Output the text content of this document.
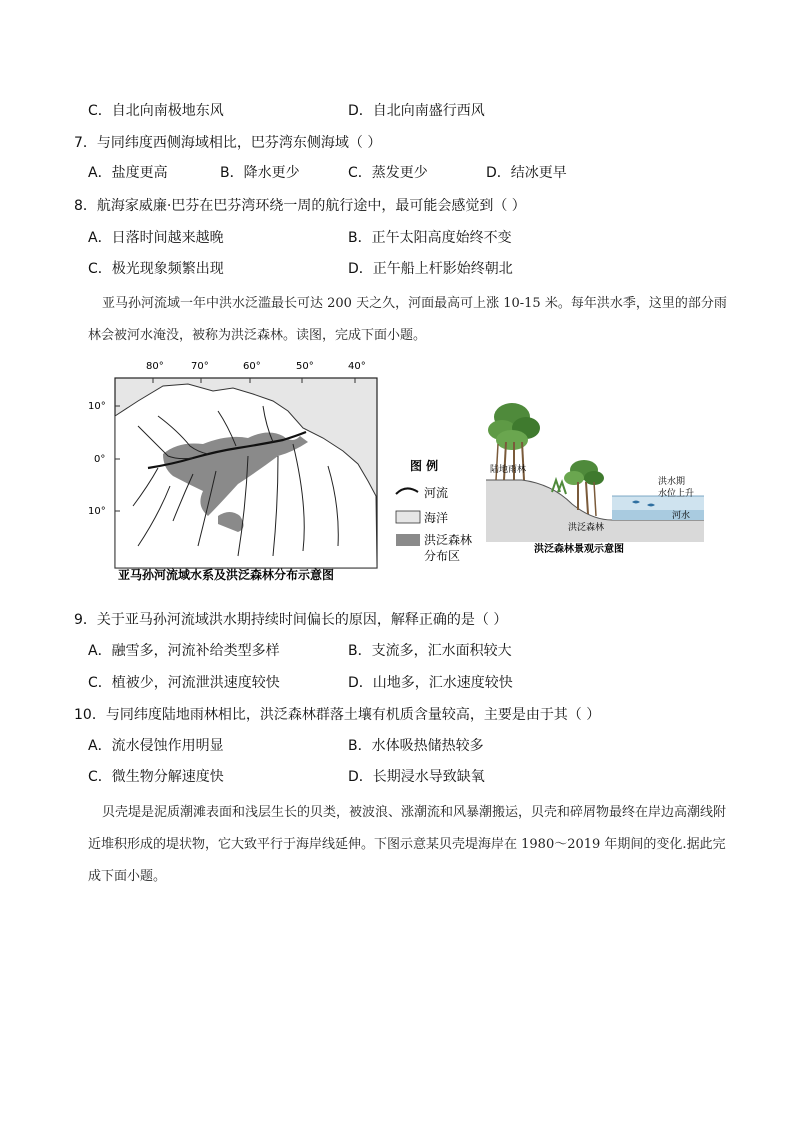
C．自北向南极地东风	D．自北向南盛行西风
7．与同纬度西侧海域相比，巴芬湾东侧海域（ ）
A．盐度更高	B．降水更少	C．蒸发更少	D．结冰更早
8．航海家威廉·巴芬在巴芬湾环绕一周的航行途中，最可能会感觉到（ ）
A．日落时间越来越晚	B．正午太阳高度始终不变
C．极光现象频繁出现	D．正午船上杆影始终朝北
亚马孙河流域一年中洪水泛滥最长可达 200 天之久，河面最高可上涨 10-15 米。每年洪水季，这里的部分雨林会被河水淹没，被称为洪泛森林。读图，完成下面小题。
80°	70°	60°	50°	40°
10°
0°
10°
图 例
河流
海洋
洪泛森林
分布区
亚马孙河流域水系及洪泛森林分布示意图
陆地雨林
洪泛森林
洪水期
水位上升
河水
洪泛森林景观示意图
9．关于亚马孙河流域洪水期持续时间偏长的原因，解释正确的是（ ）
A．融雪多，河流补给类型多样	B．支流多，汇水面积较大
C．植被少，河流泄洪速度较快	D．山地多，汇水速度较快
10．与同纬度陆地雨林相比，洪泛森林群落土壤有机质含量较高，主要是由于其（ ）
A．流水侵蚀作用明显	B．水体吸热储热较多
C．微生物分解速度快	D．长期浸水导致缺氧
贝壳堤是泥质潮滩表面和浅层生长的贝类，被波浪、涨潮流和风暴潮搬运，贝壳和碎屑物最终在岸边高潮线附近堆积形成的堤状物，它大致平行于海岸线延伸。下图示意某贝壳堤海岸在 1980～2019 年期间的变化.据此完成下面小题。
